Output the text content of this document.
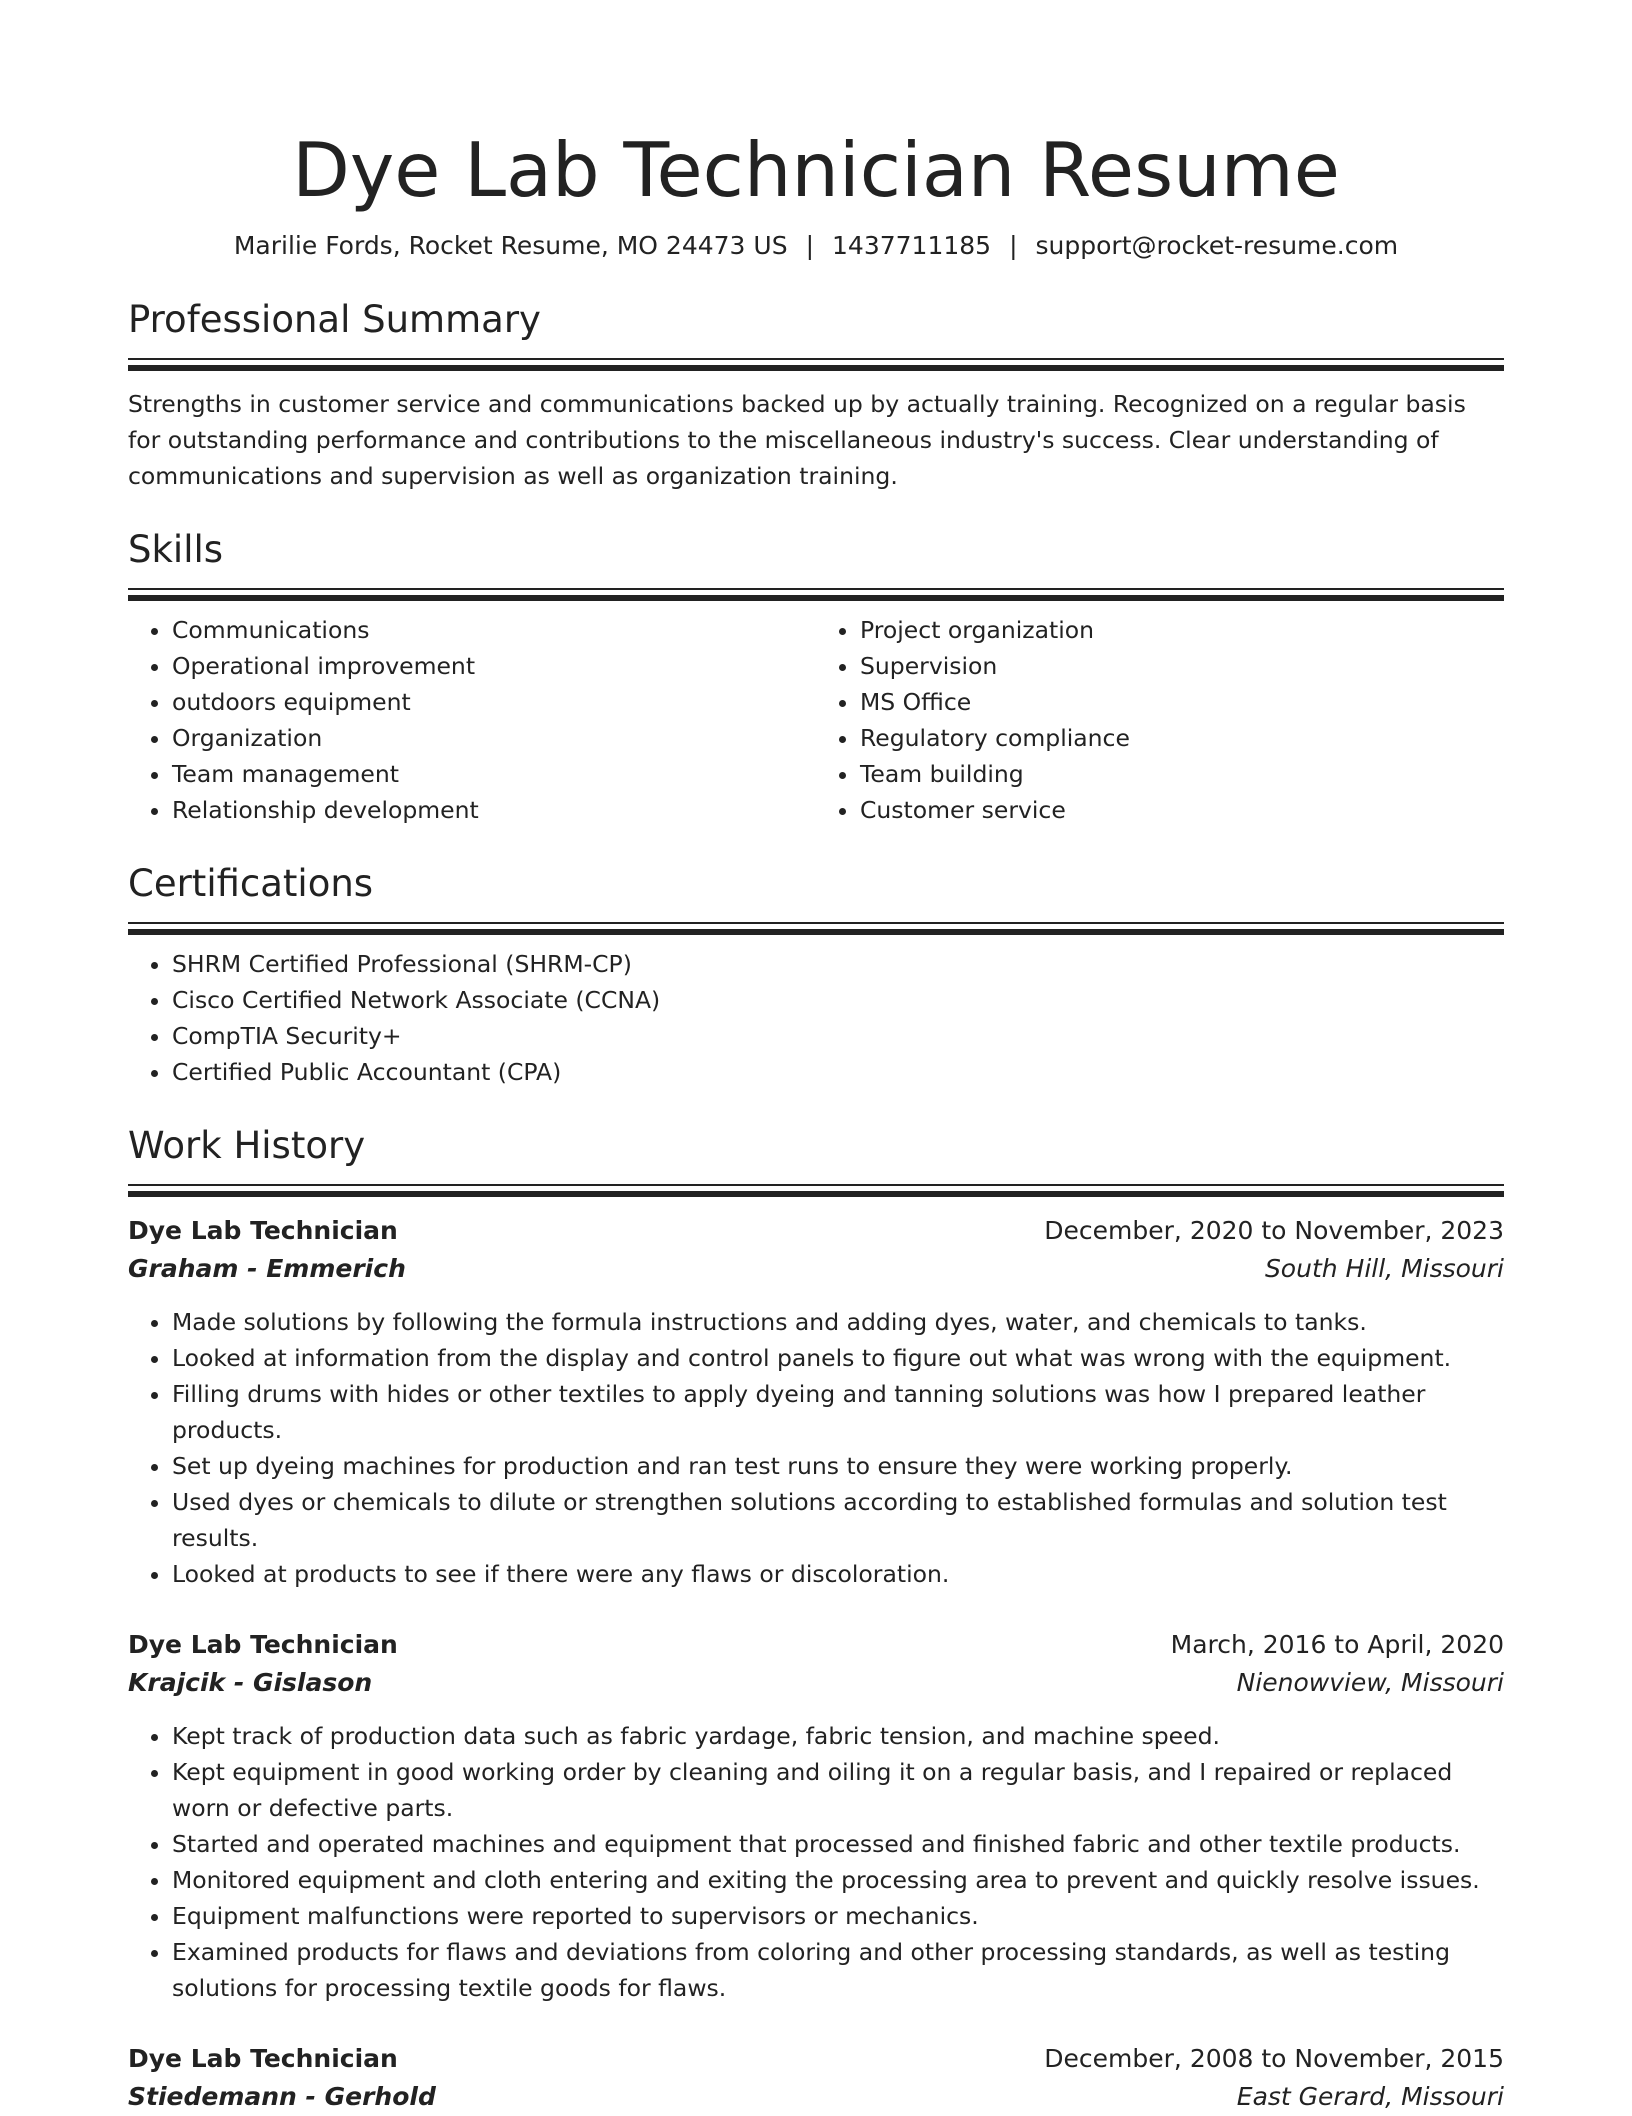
Dye Lab Technician Resume
Marilie Fords, Rocket Resume, MO 24473 US | 1437711185 | support@rocket-resume.com
Professional Summary

Strengths in customer service and communications backed up by actually training. Recognized on a regular basis for outstanding performance and contributions to the miscellaneous industry's success. Clear understanding of communications and supervision as well as organization training.

Skills
• Communications
• Operational improvement
• outdoors equipment
• Organization
• Team management
• Relationship development
• Project organization
• Supervision
• MS Office
• Regulatory compliance
• Team building
• Customer service
Certifications
• SHRM Certified Professional (SHRM-CP)
• Cisco Certified Network Associate (CCNA)
• CompTIA Security+
• Certified Public Accountant (CPA)
Work History
Dye Lab Technician	December, 2020 to November, 2023
Graham - Emmerich	South Hill, Missouri
• Made solutions by following the formula instructions and adding dyes, water, and chemicals to tanks.
• Looked at information from the display and control panels to figure out what was wrong with the equipment.
• Filling drums with hides or other textiles to apply dyeing and tanning solutions was how I prepared leather products.
• Set up dyeing machines for production and ran test runs to ensure they were working properly.
• Used dyes or chemicals to dilute or strengthen solutions according to established formulas and solution test results.
• Looked at products to see if there were any flaws or discoloration.
Dye Lab Technician	March, 2016 to April, 2020
Krajcik - Gislason	Nienowview, Missouri
• Kept track of production data such as fabric yardage, fabric tension, and machine speed.
• Kept equipment in good working order by cleaning and oiling it on a regular basis, and I repaired or replaced worn or defective parts.
• Started and operated machines and equipment that processed and finished fabric and other textile products.
• Monitored equipment and cloth entering and exiting the processing area to prevent and quickly resolve issues.
• Equipment malfunctions were reported to supervisors or mechanics.
• Examined products for flaws and deviations from coloring and other processing standards, as well as testing solutions for processing textile goods for flaws.
Dye Lab Technician	December, 2008 to November, 2015
Stiedemann - Gerhold	East Gerard, Missouri
